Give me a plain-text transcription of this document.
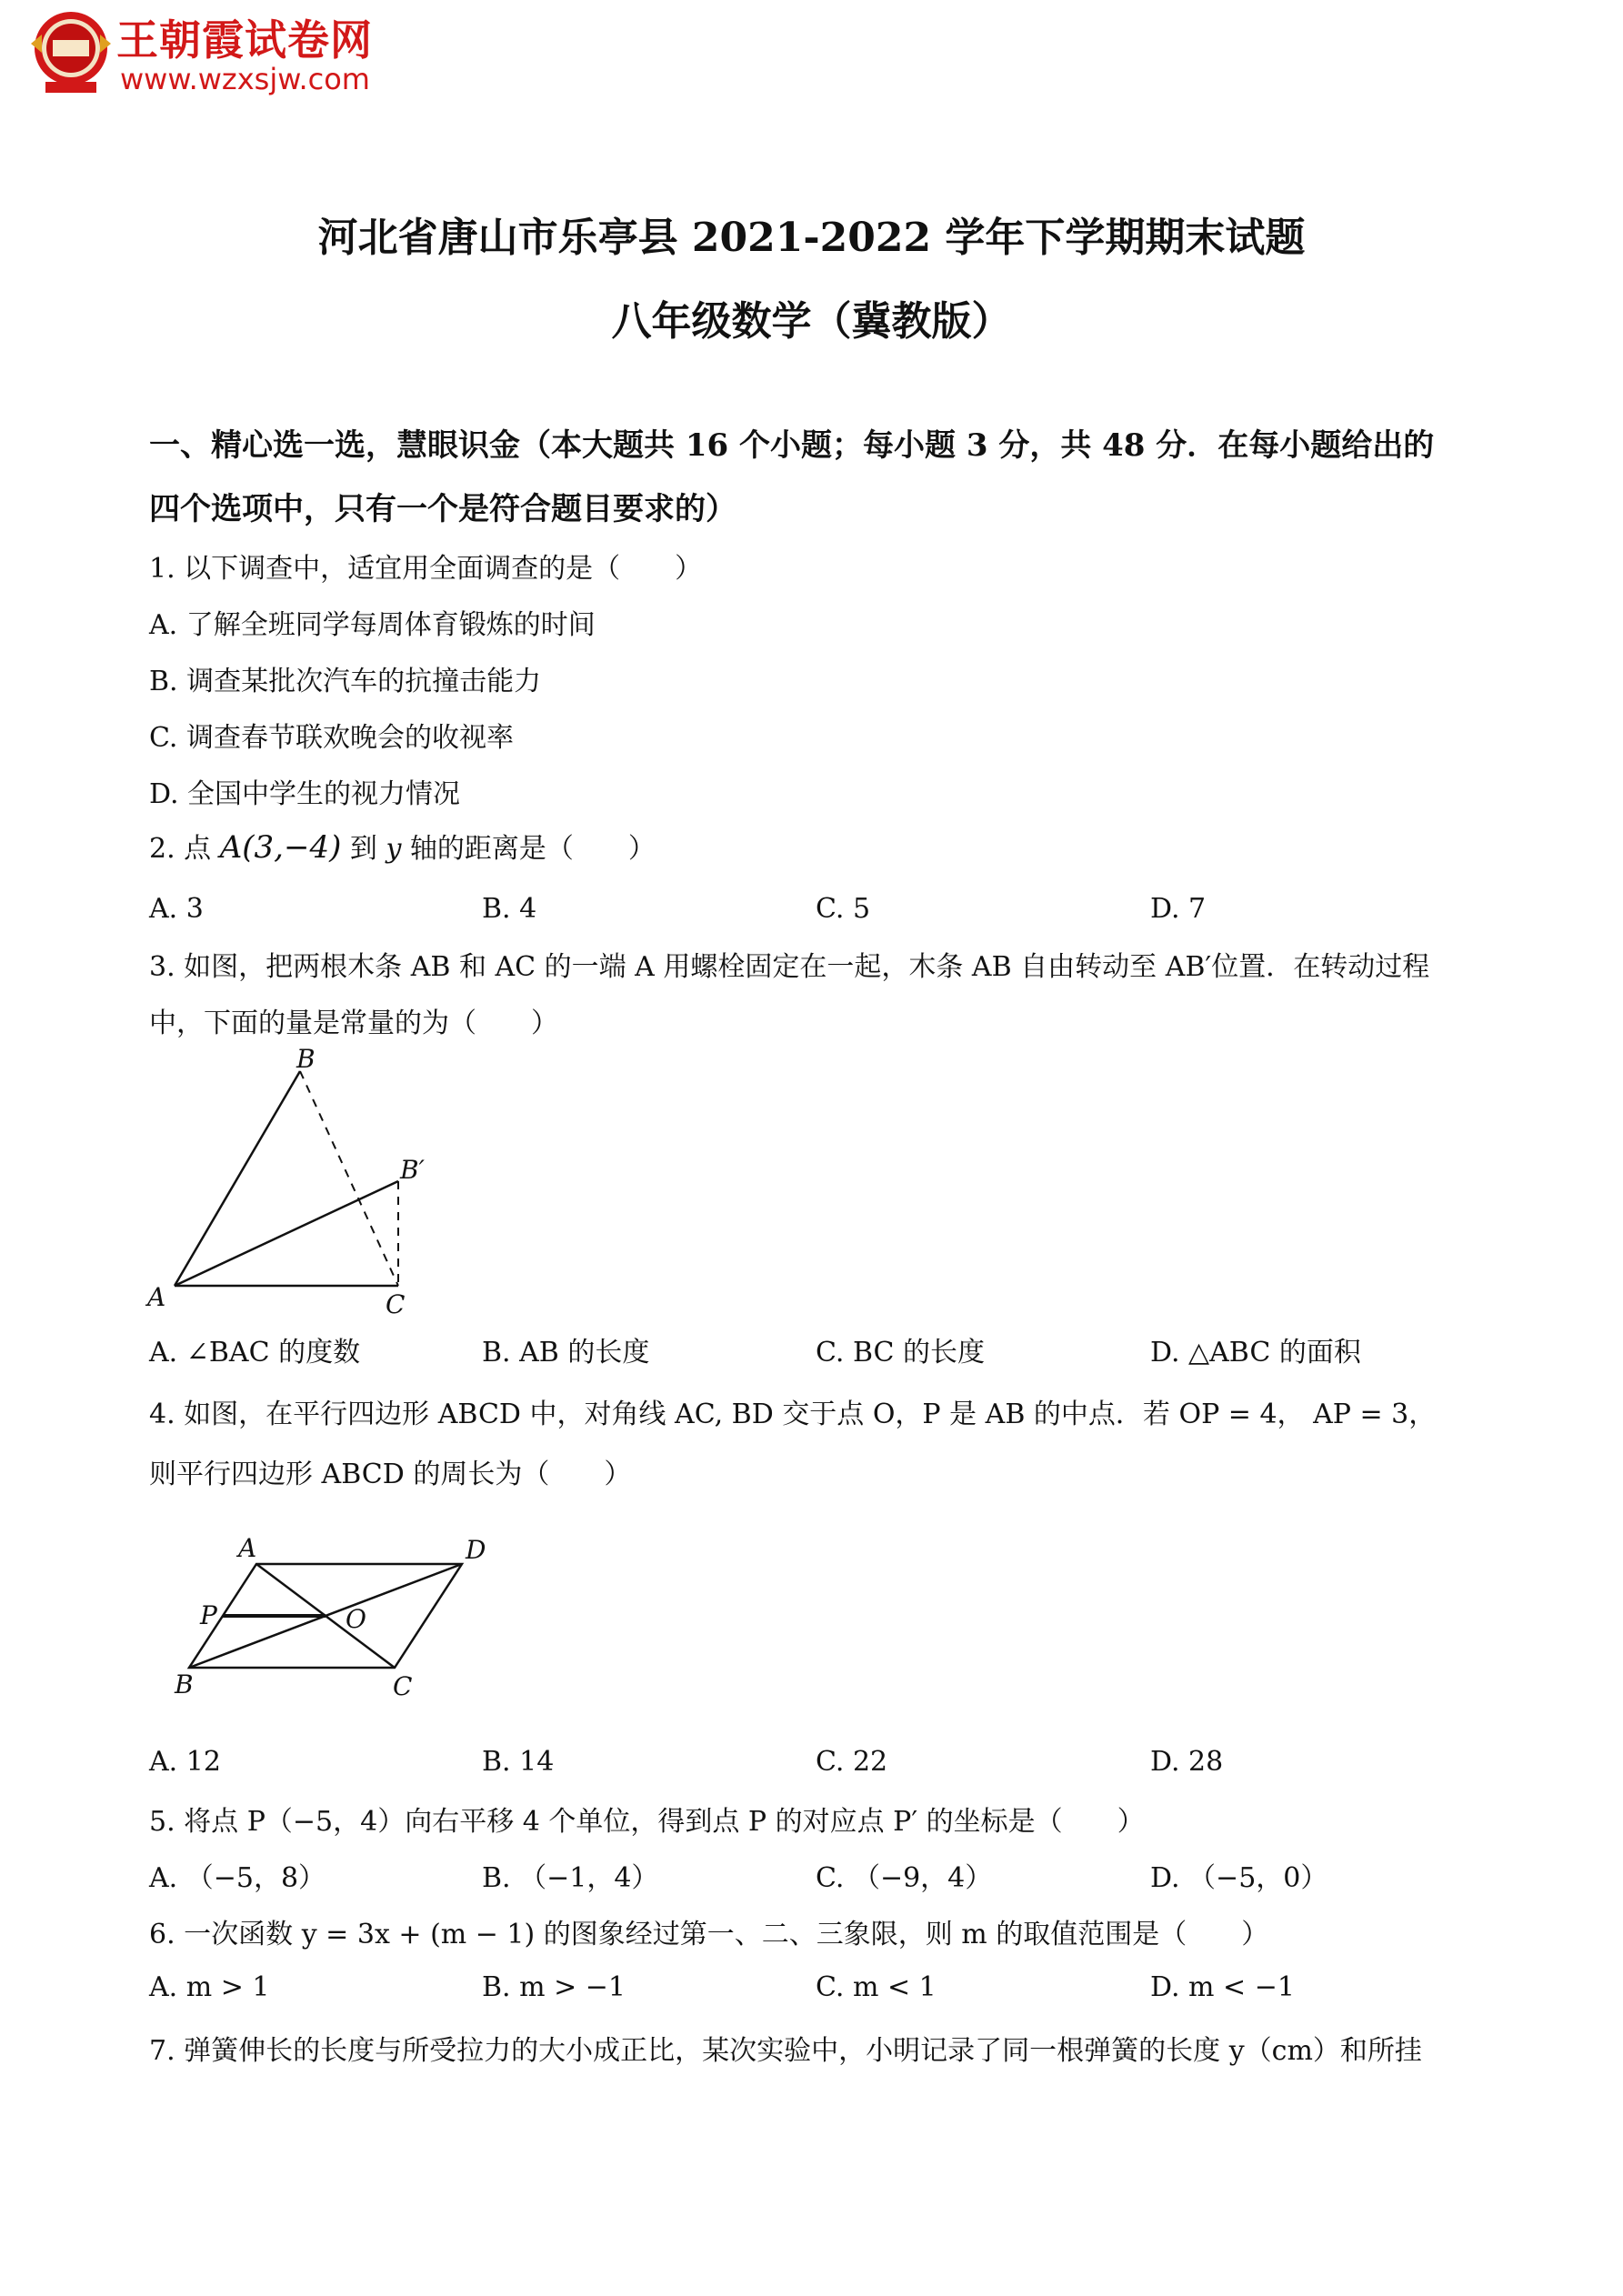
王朝霞试卷网
www.wzxsjw.com
河北省唐山市乐亭县 2021-2022 学年下学期期末试题
八年级数学（冀教版）
一、精心选一选，慧眼识金（本大题共 16 个小题；每小题 3 分，共 48 分．在每小题给出的
四个选项中，只有一个是符合题目要求的）
1. 以下调查中，适宜用全面调查的是（　　）
A. 了解全班同学每周体育锻炼的时间
B. 调查某批次汽车的抗撞击能力
C. 调查春节联欢晚会的收视率
D. 全国中学生的视力情况
2. 点 A(3,−4) 到 y 轴的距离是（　　）
A. 3	B. 4	C. 5	D. 7
3. 如图，把两根木条 AB 和 AC 的一端 A 用螺栓固定在一起，木条 AB 自由转动至 AB′位置．在转动过程
中，下面的量是常量的为（　　）
B
B′
A	C
A. ∠BAC 的度数	B. AB 的长度	C. BC 的长度	D. △ABC 的面积
4. 如图，在平行四边形 ABCD 中，对角线 AC, BD 交于点 O，P 是 AB 的中点．若 OP = 4， AP = 3，
则平行四边形 ABCD 的周长为（　　）
A	D
P	O
B	C
A. 12	B. 14	C. 22	D. 28
5. 将点 P（−5，4）向右平移 4 个单位，得到点 P 的对应点 P′ 的坐标是（　　）
A. （−5，8）	B. （−1，4）	C. （−9，4）	D. （−5，0）
6. 一次函数 y = 3x + (m − 1) 的图象经过第一、二、三象限，则 m 的取值范围是（　　）
A. m > 1	B. m > −1	C. m < 1	D. m < −1
7. 弹簧伸长的长度与所受拉力的大小成正比，某次实验中，小明记录了同一根弹簧的长度 y（cm）和所挂
